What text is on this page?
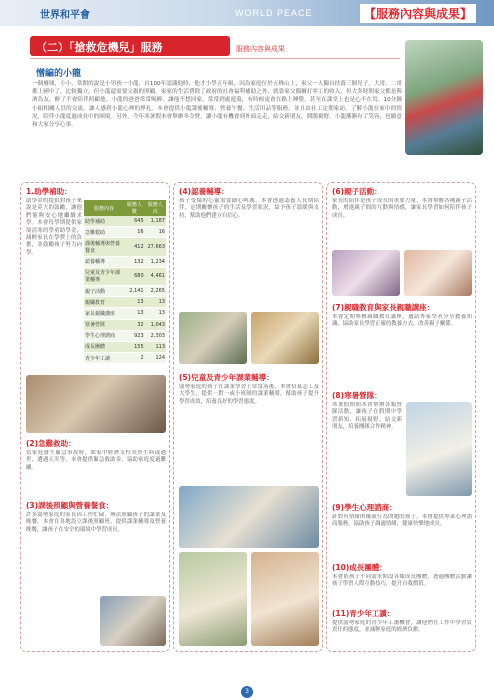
世界和平會	WORLD PEACE	【服務內容與成果】
（二）「搶救危機兒」服務	服務內容與成果
憎編的小龍
一個廢墟，小小，常開的說是小男孩一小龍，自100年認識他時，他才小學五年級。因為家庭位於五峰山上，家父一人獨自扶養三個兒子，大哥、二哥都上國中了，比較獨立，但小龍還需要父親的照顧。家家的生活費除了政府的社會福利補助之外，就靠家父偶爾打零工的收入，但大多時間家父都是與酒為友，醉了不會陪伴照顧他。小龍的爸爸常常喝醉，讓他不想回家，常常到處遊蕩，有時候更會在路上睡覺，甚至在課堂上也是心不在焉。10分鐘小組相關人員的交流，讓人感到小龍心裡的掙扎。本會提供小龍課後輔導、營養午餐、生活用品等服務，並且由社工定期家訪，了解小龍在家中的情況，陪伴小龍度過成長中的困境。另外，今年寒暑假本會舉辦冬令營，讓小龍有機會到外面走走，結交新朋友，開闊視野。小龍漸漸有了笑容，也願意和大家分享心事。
1.助學補助：
助學金的提供對孩子來說是莫大的鼓勵，讓他們能夠安心地繼續求學。本會每學期提供家境清寒的學童助學金，減輕家長在學費上的負擔，並鼓勵孩子努力向學。
服務內容	服務人數	服務人次
助學補助	645	1,187
急難救助	16	16
課後輔導與營養餐食	412	27,663
認養輔導	132	1,234
兒童及青少年課業輔導	680	4,461
親子活動	2,141	2,265
親職教育	13	13
家長親職講座	13	13
寒暑營隊	32	1,043
學生心理諮商	923	2,303
成長團體	155	113
青少年工讀	2	124
(2)急難救助：
當家庭發生緊急事故時，如家中經濟支柱突然生病或過世、遭遇天災等，本會提供緊急救助金，協助家庭度過難關。
(3)課後照顧與營養餐食：
許多弱勢家庭的家長因工作忙碌，無法照顧孩子的課業及晚餐。本會在各地設立課後照顧班，提供課業輔導及營養晚餐，讓孩子在安全的環境中學習成長。
(4)認養輔導：
孩子受傷的心靈需要細心呵護，本會透過認養人長期陪伴，定期關懷孩子的生活及學習狀況，給予孩子溫暖與支持，幫助他們建立自信心。
(5)兒童及青少年課業輔導：
弱勢家庭的孩子在課業學習上常常落後，本會招募志工及大學生，提供一對一或小班制的課業輔導，幫助孩子提升學習成效，培養良好的學習態度。
(6)親子活動：
家長的陪伴是孩子成長的重要力量，本會舉辦各種親子活動，增進親子間的互動與情感，讓家長學習如何陪伴孩子成長。
(7)親職教育與家長親職講座：
本會定期舉辦親職教育講座，邀請專家學者分享教養知識，協助家長學習正確的教養方式，改善親子關係。
(8)寒暑營隊：
寒暑假期間本會舉辦各類營隊活動，讓孩子在假期中學習新知、拓展視野，結交新朋友，培養團隊合作精神。
(9)學生心理諮商：
針對有情緒困擾或行為問題的孩子，本會提供專業心理諮商服務，協助孩子調適情緒，健康快樂地成長。
(10)成長團體：
本會依孩子不同需求開設各類成長團體，透過團體活動讓孩子學習人際互動技巧，提升自我價值。
(11)青少年工讀：
提供弱勢家庭的青少年工讀機會，讓他們在工作中學習負責任的態度，並減輕家庭的經濟負擔。
3
